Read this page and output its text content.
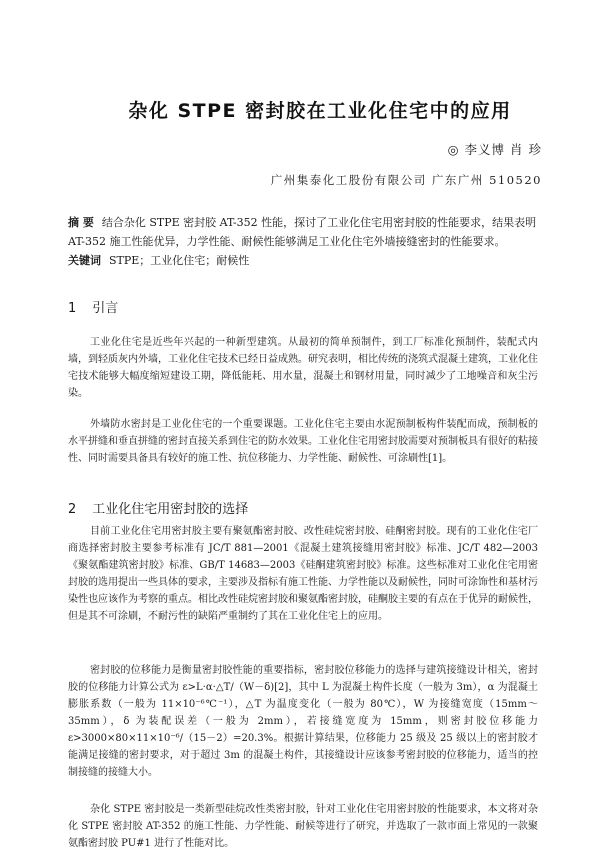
杂化 STPE 密封胶在工业化住宅中的应用
◎ 李义博 肖 珍
广州集泰化工股份有限公司 广东广州 510520
摘 要 结合杂化 STPE 密封胶 AT-352 性能，探讨了工业化住宅用密封胶的性能要求，结果表明 AT-352 施工性能优异，力学性能、耐候性能够满足工业化住宅外墙接缝密封的性能要求。
关键词 STPE；工业化住宅；耐候性
1 引言

工业化住宅是近些年兴起的一种新型建筑。从最初的简单预制件，到工厂标准化预制件，装配式内墙，到轻质灰内外墙，工业化住宅技术已经日益成熟。研究表明，相比传统的浇筑式混凝土建筑，工业化住宅技术能够大幅度缩短建设工期，降低能耗、用水量，混凝土和钢材用量，同时减少了工地噪音和灰尘污染。

外墙防水密封是工业化住宅的一个重要课题。工业化住宅主要由水泥预制板构件装配而成，预制板的水平拼缝和垂直拼缝的密封直接关系到住宅的防水效果。工业化住宅用密封胶需要对预制板具有很好的粘接性、同时需要具备具有较好的施工性、抗位移能力、力学性能、耐候性、可涂刷性[1]。

2 工业化住宅用密封胶的选择

目前工业化住宅用密封胶主要有聚氨酯密封胶、改性硅烷密封胶、硅酮密封胶。现有的工业化住宅厂商选择密封胶主要参考标准有 JC/T 881—2001《混凝土建筑接缝用密封胶》标准、JC/T 482—2003《聚氨酯建筑密封胶》标准、GB/T 14683—2003《硅酮建筑密封胶》标准。这些标准对工业化住宅用密封胶的选用提出一些具体的要求，主要涉及指标有施工性能、力学性能以及耐候性，同时可涂饰性和基材污染性也应该作为考察的重点。相比改性硅烷密封胶和聚氨酯密封胶，硅酮胶主要的有点在于优异的耐候性，但是其不可涂刷，不耐污性的缺陷严重制约了其在工业化住宅上的应用。

密封胶的位移能力是衡量密封胶性能的重要指标，密封胶位移能力的选择与建筑接缝设计相关，密封胶的位移能力计算公式为 ε>L·α·△T/（W－δ)[2]，其中 L 为混凝土构件长度（一般为 3m），α 为混凝土膨胀系数（一般为 11×10⁻⁶℃⁻¹），△T 为温度变化（一般为 80℃），W 为接缝宽度（15mm～35mm），δ 为装配误差（一般为 2mm），若接缝宽度为 15mm，则密封胶位移能力 ε>3000×80×11×10⁻⁶/（15－2）=20.3%。根据计算结果，位移能力 25 级及 25 级以上的密封胶才能满足接缝的密封要求，对于超过 3m 的混凝土构件，其接缝设计应该参考密封胶的位移能力，适当的控制接缝的接缝大小。

杂化 STPE 密封胶是一类新型硅烷改性类密封胶，针对工业化住宅用密封胶的性能要求，本文将对杂化 STPE 密封胶 AT-352 的施工性能、力学性能、耐候等进行了研究，并选取了一款市面上常见的一款聚氨酯密封胶 PU#1 进行了性能对比。
